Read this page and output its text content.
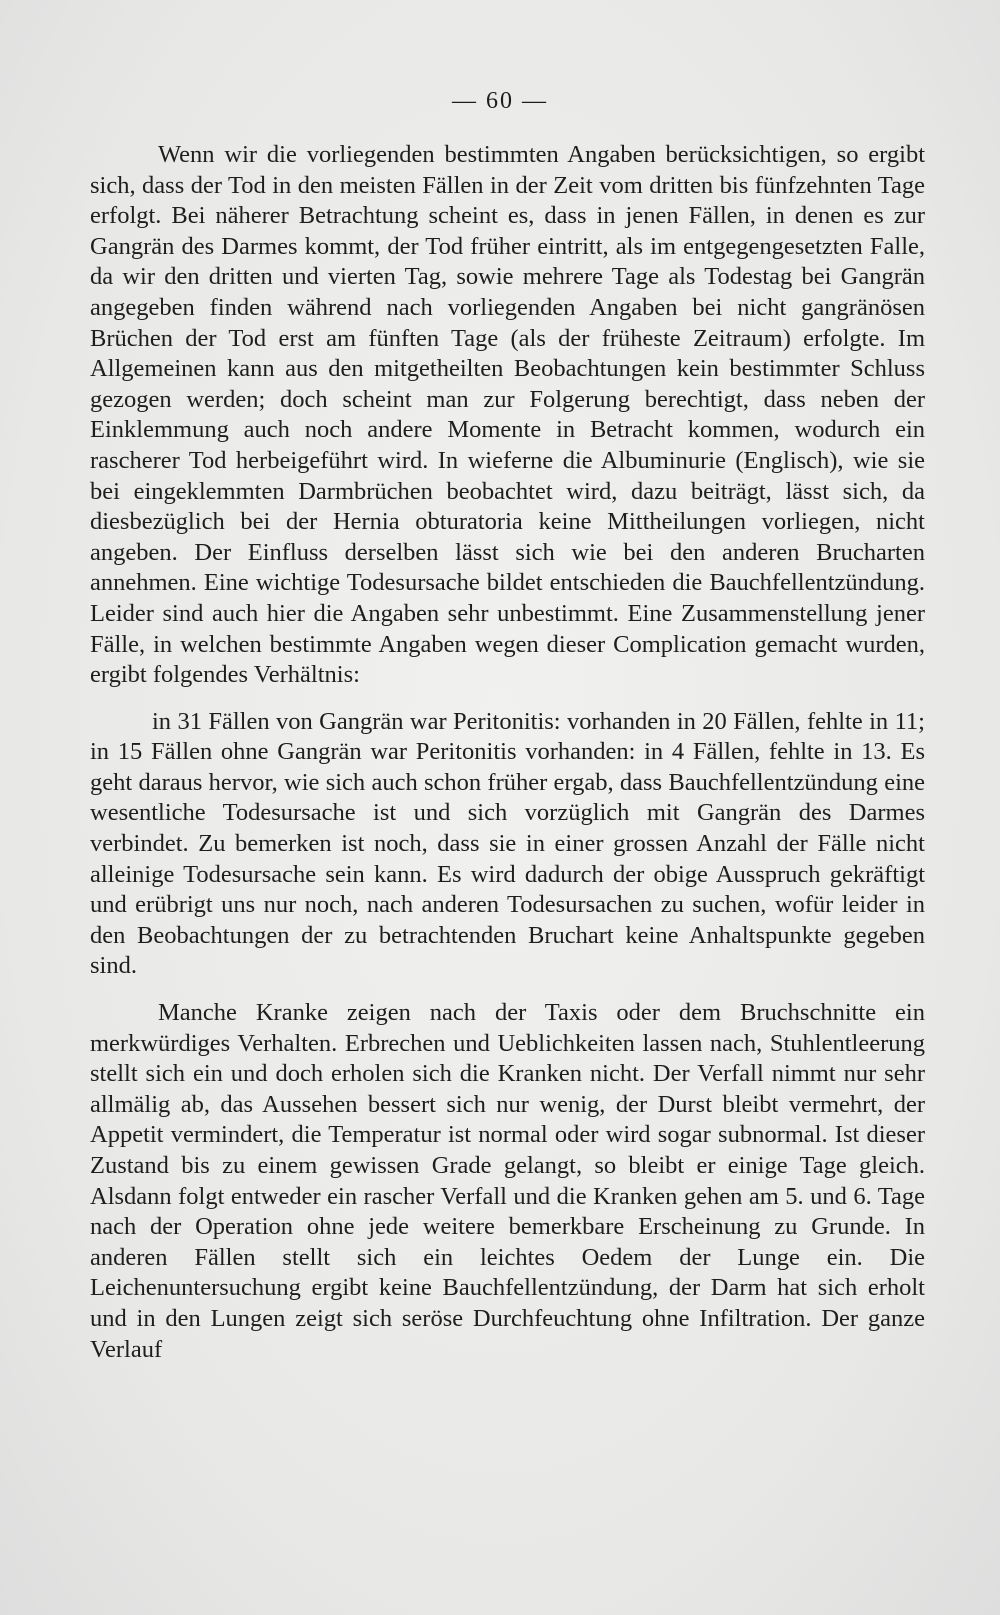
— 60 —

Wenn wir die vorliegenden bestimmten Angaben berücksichtigen, so ergibt sich, dass der Tod in den meisten Fällen in der Zeit vom dritten bis fünfzehnten Tage erfolgt. Bei näherer Betrachtung scheint es, dass in jenen Fällen, in denen es zur Gangrän des Darmes kommt, der Tod früher eintritt, als im entgegengesetzten Falle, da wir den dritten und vierten Tag, sowie mehrere Tage als Todestag bei Gangrän angegeben finden während nach vorliegenden Angaben bei nicht gangränösen Brüchen der Tod erst am fünften Tage (als der früheste Zeitraum) erfolgte. Im Allgemeinen kann aus den mitgetheilten Beobachtungen kein bestimmter Schluss gezogen werden; doch scheint man zur Folgerung berechtigt, dass neben der Einklemmung auch noch andere Momente in Betracht kommen, wodurch ein rascherer Tod herbeigeführt wird. In wieferne die Albuminurie (Englisch), wie sie bei eingeklemmten Darmbrüchen beobachtet wird, dazu beiträgt, lässt sich, da diesbezüglich bei der Hernia obturatoria keine Mittheilungen vorliegen, nicht angeben. Der Einfluss derselben lässt sich wie bei den anderen Brucharten annehmen. Eine wichtige Todesursache bildet entschieden die Bauchfellentzündung. Leider sind auch hier die Angaben sehr unbestimmt. Eine Zusammenstellung jener Fälle, in welchen bestimmte Angaben wegen dieser Complication gemacht wurden, ergibt folgendes Verhältnis:

in 31 Fällen von Gangrän war Peritonitis: vorhanden in 20 Fällen, fehlte in 11; in 15 Fällen ohne Gangrän war Peritonitis vorhanden: in 4 Fällen, fehlte in 13. Es geht daraus hervor, wie sich auch schon früher ergab, dass Bauchfellentzündung eine wesentliche Todesursache ist und sich vorzüglich mit Gangrän des Darmes verbindet. Zu bemerken ist noch, dass sie in einer grossen Anzahl der Fälle nicht alleinige Todesursache sein kann. Es wird dadurch der obige Ausspruch gekräftigt und erübrigt uns nur noch, nach anderen Todesursachen zu suchen, wofür leider in den Beobachtungen der zu betrachtenden Bruchart keine Anhaltspunkte gegeben sind.

Manche Kranke zeigen nach der Taxis oder dem Bruchschnitte ein merkwürdiges Verhalten. Erbrechen und Ueblichkeiten lassen nach, Stuhlentleerung stellt sich ein und doch erholen sich die Kranken nicht. Der Verfall nimmt nur sehr allmälig ab, das Aussehen bessert sich nur wenig, der Durst bleibt vermehrt, der Appetit vermindert, die Temperatur ist normal oder wird sogar subnormal. Ist dieser Zustand bis zu einem gewissen Grade gelangt, so bleibt er einige Tage gleich. Alsdann folgt entweder ein rascher Verfall und die Kranken gehen am 5. und 6. Tage nach der Operation ohne jede weitere bemerkbare Erscheinung zu Grunde. In anderen Fällen stellt sich ein leichtes Oedem der Lunge ein. Die Leichenuntersuchung ergibt keine Bauchfellentzündung, der Darm hat sich erholt und in den Lungen zeigt sich seröse Durchfeuchtung ohne Infiltration. Der ganze Verlauf
